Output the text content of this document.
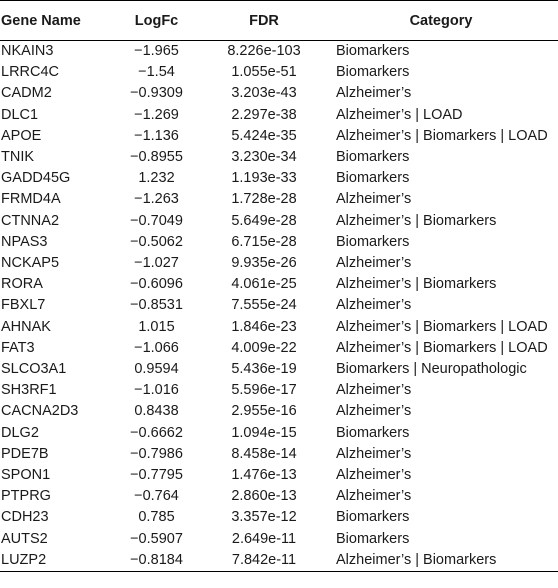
Gene Name	LogFc	FDR	Category
NKAIN3	−1.965	8.226e-103	Biomarkers
LRRC4C	−1.54	1.055e-51	Biomarkers
CADM2	−0.9309	3.203e-43	Alzheimer’s
DLC1	−1.269	2.297e-38	Alzheimer’s | LOAD
APOE	−1.136	5.424e-35	Alzheimer’s | Biomarkers | LOAD
TNIK	−0.8955	3.230e-34	Biomarkers
GADD45G	1.232	1.193e-33	Biomarkers
FRMD4A	−1.263	1.728e-28	Alzheimer’s
CTNNA2	−0.7049	5.649e-28	Alzheimer’s | Biomarkers
NPAS3	−0.5062	6.715e-28	Biomarkers
NCKAP5	−1.027	9.935e-26	Alzheimer’s
RORA	−0.6096	4.061e-25	Alzheimer’s | Biomarkers
FBXL7	−0.8531	7.555e-24	Alzheimer’s
AHNAK	1.015	1.846e-23	Alzheimer’s | Biomarkers | LOAD
FAT3	−1.066	4.009e-22	Alzheimer’s | Biomarkers | LOAD
SLCO3A1	0.9594	5.436e-19	Biomarkers | Neuropathologic
SH3RF1	−1.016	5.596e-17	Alzheimer’s
CACNA2D3	0.8438	2.955e-16	Alzheimer’s
DLG2	−0.6662	1.094e-15	Biomarkers
PDE7B	−0.7986	8.458e-14	Alzheimer’s
SPON1	−0.7795	1.476e-13	Alzheimer’s
PTPRG	−0.764	2.860e-13	Alzheimer’s
CDH23	0.785	3.357e-12	Biomarkers
AUTS2	−0.5907	2.649e-11	Biomarkers
LUZP2	−0.8184	7.842e-11	Alzheimer’s | Biomarkers
